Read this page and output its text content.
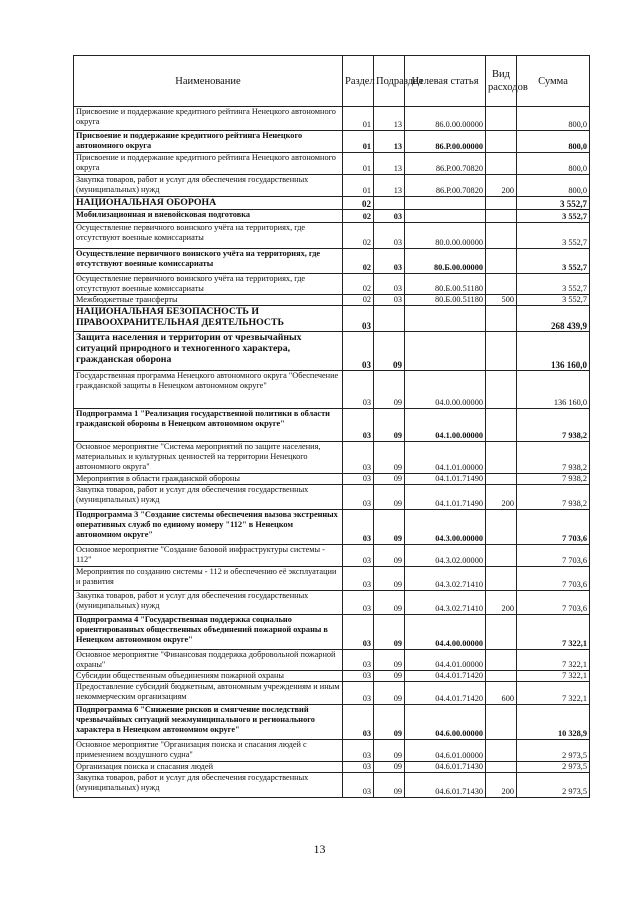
Наименование	Раздел	Подраздел	Целевая статья	Вид расходов	Сумма
Присвоение и поддержание кредитного рейтинга Ненецкого автономного округа	01	13	86.0.00.00000		800,0
Присвоение и поддержание кредитного рейтинга Ненецкого автономного округа	01	13	86.Р.00.00000		800,0
Присвоение и поддержание кредитного рейтинга Ненецкого автономного округа	01	13	86.Р.00.70820		800,0
Закупка товаров, работ и услуг для обеспечения государственных (муниципальных) нужд	01	13	86.Р.00.70820	200	800,0
НАЦИОНАЛЬНАЯ ОБОРОНА	02				3 552,7
Мобилизационная и вневойсковая подготовка	02	03			3 552,7
Осуществление первичного воинского учёта на территориях, где отсутствуют военные комиссариаты	02	03	80.0.00.00000		3 552,7
Осуществление первичного воинского учёта на территориях, где отсутствуют военные комиссариаты	02	03	80.Б.00.00000		3 552,7
Осуществление первичного воинского учёта на территориях, где отсутствуют военные комиссариаты	02	03	80.Б.00.51180		3 552,7
Межбюджетные трансферты	02	03	80.Б.00.51180	500	3 552,7
НАЦИОНАЛЬНАЯ БЕЗОПАСНОСТЬ И ПРАВООХРАНИТЕЛЬНАЯ ДЕЯТЕЛЬНОСТЬ	03				268 439,9
Защита населения и территории от чрезвычайных ситуаций природного и техногенного характера, гражданская оборона	03	09			136 160,0
Государственная программа Ненецкого автономного округа "Обеспечение гражданской защиты в Ненецком автономном округе"	03	09	04.0.00.00000		136 160,0
Подпрограмма 1 "Реализация государственной политики в области гражданской обороны в Ненецком автономном округе"	03	09	04.1.00.00000		7 938,2
Основное мероприятие "Система мероприятий по защите населения, материальных и культурных ценностей на территории Ненецкого автономного округа"	03	09	04.1.01.00000		7 938,2
Мероприятия в области гражданской обороны	03	09	04.1.01.71490		7 938,2
Закупка товаров, работ и услуг для обеспечения государственных (муниципальных) нужд	03	09	04.1.01.71490	200	7 938,2
Подпрограмма 3 "Создание системы обеспечения вызова экстренных оперативных служб по единому номеру "112" в Ненецком автономном округе"	03	09	04.3.00.00000		7 703,6
Основное мероприятие "Создание базовой инфраструктуры системы - 112"	03	09	04.3.02.00000		7 703,6
Мероприятия по созданию системы - 112 и обеспечению её эксплуатации и развития	03	09	04.3.02.71410		7 703,6
Закупка товаров, работ и услуг для обеспечения государственных (муниципальных) нужд	03	09	04.3.02.71410	200	7 703,6
Подпрограмма 4 "Государственная поддержка социально ориентированных общественных объединений пожарной охраны в Ненецком автономном округе"	03	09	04.4.00.00000		7 322,1
Основное мероприятие "Финансовая поддержка добровольной пожарной охраны"	03	09	04.4.01.00000		7 322,1
Субсидии общественным объединениям пожарной охраны	03	09	04.4.01.71420		7 322,1
Предоставление субсидий бюджетным, автономным учреждениям и иным некоммерческим организациям	03	09	04.4.01.71420	600	7 322,1
Подпрограмма 6 "Снижение рисков и смягчение последствий чрезвычайных ситуаций межмуниципального и регионального характера в Ненецком автономном округе"	03	09	04.6.00.00000		10 328,9
Основное мероприятие "Организация поиска и спасания людей с применением воздушного судна"	03	09	04.6.01.00000		2 973,5
Организация поиска и спасания людей	03	09	04.6.01.71430		2 973,5
Закупка товаров, работ и услуг для обеспечения государственных (муниципальных) нужд	03	09	04.6.01.71430	200	2 973,5
13
